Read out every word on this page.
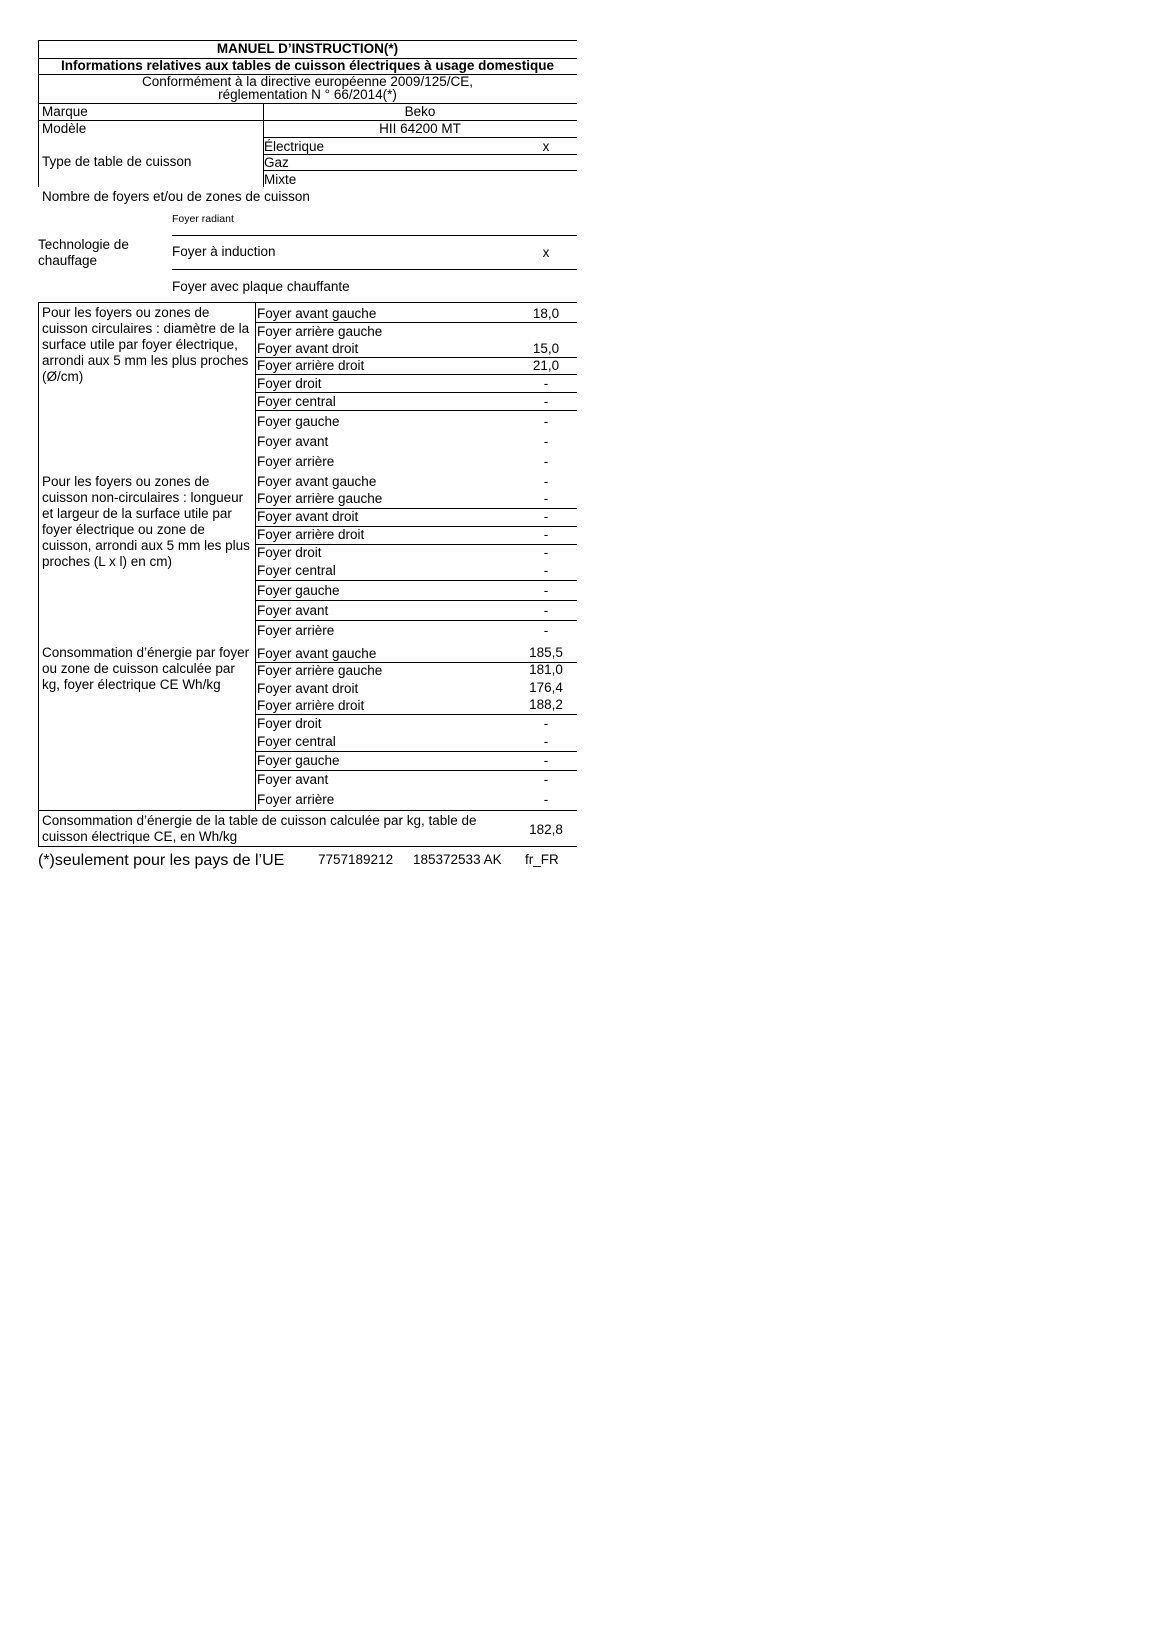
MANUEL D’INSTRUCTION(*)
Informations relatives aux tables de cuisson électriques à usage domestique
Conformément à la directive européenne 2009/125/CE,
réglementation N ° 66/2014(*)
Marque	Beko
Modèle	HII 64200 MT
Type de table de cuisson
Électrique	x
Gaz
Mixte
Nombre de foyers et/ou de zones de cuisson
Technologie de chauffage
Foyer radiant
Foyer à induction	x
Foyer avec plaque chauffante
Pour les foyers ou zones de cuisson circulaires : diamètre de la surface utile par foyer électrique, arrondi aux 5 mm les plus proches (Ø/cm)
Foyer avant gauche	18,0
Foyer arrière gauche
Foyer avant droit	15,0
Foyer arrière droit	21,0
Foyer droit	-
Foyer central	-
Foyer gauche	-
Foyer avant	-
Foyer arrière	-
Pour les foyers ou zones de cuisson non-circulaires : longueur et largeur de la surface utile par foyer électrique ou zone de cuisson, arrondi aux 5 mm les plus proches (L x l) en cm)
Foyer avant gauche	-
Foyer arrière gauche	-
Foyer avant droit	-
Foyer arrière droit	-
Foyer droit	-
Foyer central	-
Foyer gauche	-
Foyer avant	-
Foyer arrière	-
Consommation d’énergie par foyer ou zone de cuisson calculée par kg, foyer électrique CE Wh/kg
Foyer avant gauche	185,5
Foyer arrière gauche	181,0
Foyer avant droit	176,4
Foyer arrière droit	188,2
Foyer droit	-
Foyer central	-
Foyer gauche	-
Foyer avant	-
Foyer arrière	-
Consommation d’énergie de la table de cuisson calculée par kg, table de cuisson électrique CE, en Wh/kg	182,8
(*)seulement pour les pays de l’UE 7757189212 185372533 AK fr_FR
